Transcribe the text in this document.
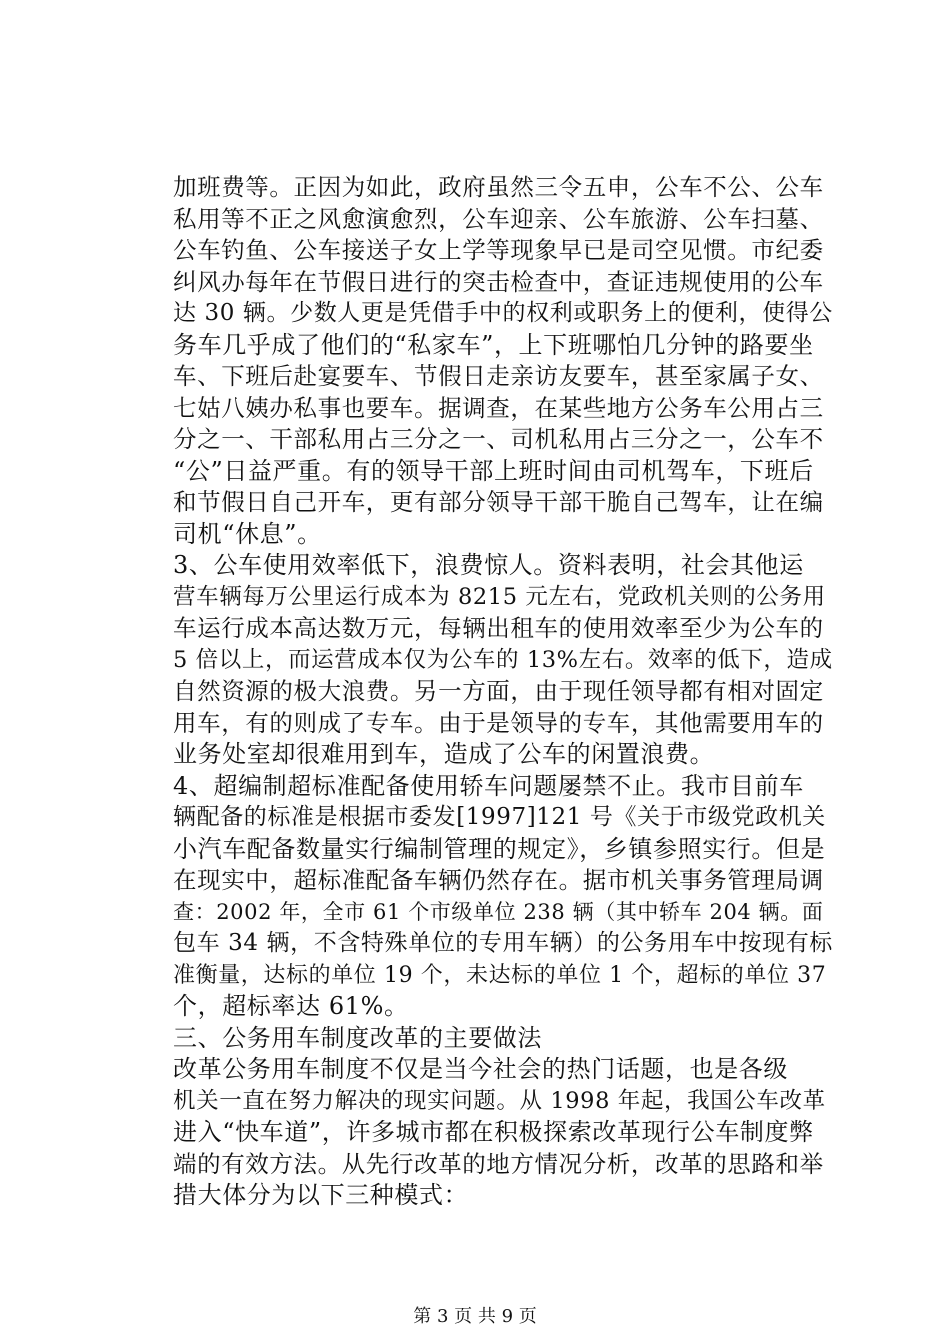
加班费等。正因为如此，政府虽然三令五申，公车不公、公车
私用等不正之风愈演愈烈，公车迎亲、公车旅游、公车扫墓、
公车钓鱼、公车接送子女上学等现象早已是司空见惯。市纪委
纠风办每年在节假日进行的突击检查中，查证违规使用的公车
达 30 辆。少数人更是凭借手中的权利或职务上的便利，使得公
务车几乎成了他们的“私家车”，上下班哪怕几分钟的路要坐
车、下班后赴宴要车、节假日走亲访友要车，甚至家属子女、
七姑八姨办私事也要车。据调查，在某些地方公务车公用占三
分之一、干部私用占三分之一、司机私用占三分之一，公车不
“公”日益严重。有的领导干部上班时间由司机驾车，下班后
和节假日自己开车，更有部分领导干部干脆自己驾车，让在编
司机“休息”。
3、公车使用效率低下，浪费惊人。资料表明，社会其他运
营车辆每万公里运行成本为 8215 元左右，党政机关则的公务用
车运行成本高达数万元，每辆出租车的使用效率至少为公车的
5 倍以上，而运营成本仅为公车的 13%左右。效率的低下，造成
自然资源的极大浪费。另一方面，由于现任领导都有相对固定
用车，有的则成了专车。由于是领导的专车，其他需要用车的
业务处室却很难用到车，造成了公车的闲置浪费。
4、超编制超标准配备使用轿车问题屡禁不止。我市目前车
辆配备的标准是根据市委发[1997]121 号《关于市级党政机关
小汽车配备数量实行编制管理的规定》，乡镇参照实行。但是
在现实中，超标准配备车辆仍然存在。据市机关事务管理局调
查：2002 年，全市 61 个市级单位 238 辆（其中轿车 204 辆。面
包车 34 辆，不含特殊单位的专用车辆）的公务用车中按现有标
准衡量，达标的单位 19 个，未达标的单位 1 个，超标的单位 37
个，超标率达 61%。
三、公务用车制度改革的主要做法
改革公务用车制度不仅是当今社会的热门话题，也是各级
机关一直在努力解决的现实问题。从 1998 年起，我国公车改革
进入“快车道”，许多城市都在积极探索改革现行公车制度弊
端的有效方法。从先行改革的地方情况分析，改革的思路和举
措大体分为以下三种模式：
第 3 页 共 9 页
